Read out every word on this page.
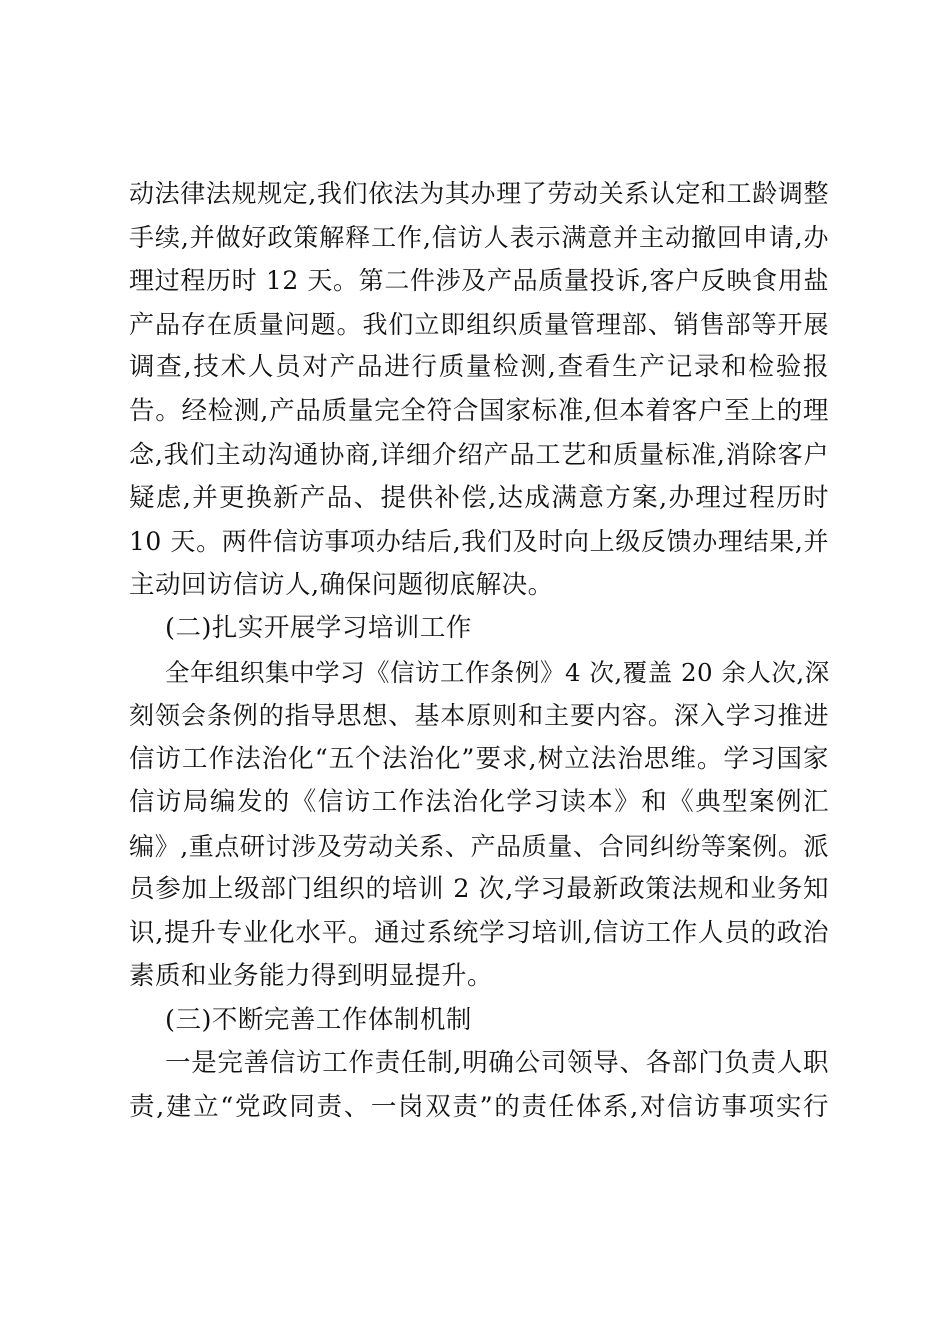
动法律法规规定,我们依法为其办理了劳动关系认定和工龄调整
手续,并做好政策解释工作,信访人表示满意并主动撤回申请,办
理过程历时 12 天。第二件涉及产品质量投诉,客户反映食用盐
产品存在质量问题。我们立即组织质量管理部、销售部等开展
调查,技术人员对产品进行质量检测,查看生产记录和检验报
告。经检测,产品质量完全符合国家标准,但本着客户至上的理
念,我们主动沟通协商,详细介绍产品工艺和质量标准,消除客户
疑虑,并更换新产品、提供补偿,达成满意方案,办理过程历时
10 天。两件信访事项办结后,我们及时向上级反馈办理结果,并
主动回访信访人,确保问题彻底解决。
(二)扎实开展学习培训工作
全年组织集中学习《信访工作条例》4 次,覆盖 20 余人次,深
刻领会条例的指导思想、基本原则和主要内容。深入学习推进
信访工作法治化“五个法治化”要求,树立法治思维。学习国家
信访局编发的《信访工作法治化学习读本》和《典型案例汇
编》,重点研讨涉及劳动关系、产品质量、合同纠纷等案例。派
员参加上级部门组织的培训 2 次,学习最新政策法规和业务知
识,提升专业化水平。通过系统学习培训,信访工作人员的政治
素质和业务能力得到明显提升。
(三)不断完善工作体制机制
一是完善信访工作责任制,明确公司领导、各部门负责人职
责,建立“党政同责、一岗双责”的责任体系,对信访事项实行
